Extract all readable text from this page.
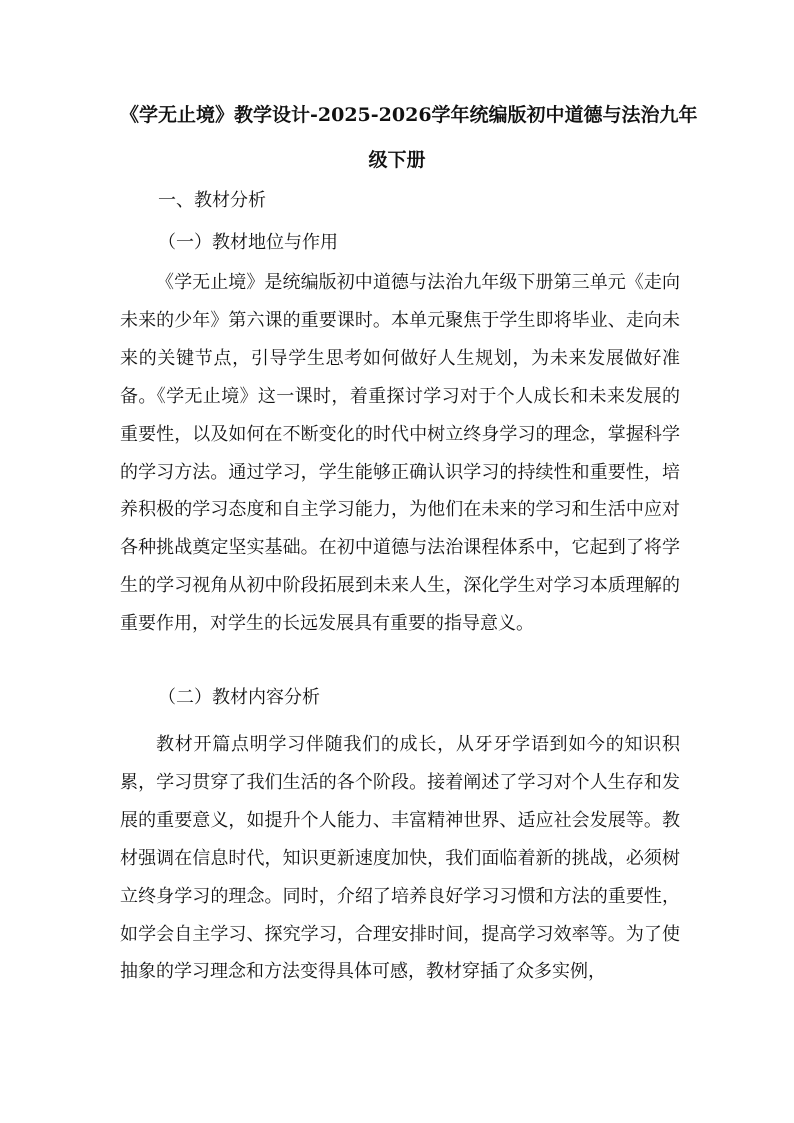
《学无止境》教学设计-2025-2026学年统编版初中道德与法治九年
级下册
一、教材分析
（一）教材地位与作用

《学无止境》是统编版初中道德与法治九年级下册第三单元《走向未来的少年》第六课的重要课时。本单元聚焦于学生即将毕业、走向未来的关键节点，引导学生思考如何做好人生规划，为未来发展做好准备。《学无止境》这一课时，着重探讨学习对于个人成长和未来发展的重要性，以及如何在不断变化的时代中树立终身学习的理念，掌握科学的学习方法。通过学习，学生能够正确认识学习的持续性和重要性，培养积极的学习态度和自主学习能力，为他们在未来的学习和生活中应对各种挑战奠定坚实基础。在初中道德与法治课程体系中，它起到了将学生的学习视角从初中阶段拓展到未来人生，深化学生对学习本质理解的重要作用，对学生的长远发展具有重要的指导意义。

（二）教材内容分析

教材开篇点明学习伴随我们的成长，从牙牙学语到如今的知识积累，学习贯穿了我们生活的各个阶段。接着阐述了学习对个人生存和发展的重要意义，如提升个人能力、丰富精神世界、适应社会发展等。教材强调在信息时代，知识更新速度加快，我们面临着新的挑战，必须树立终身学习的理念。同时，介绍了培养良好学习习惯和方法的重要性，如学会自主学习、探究学习，合理安排时间，提高学习效率等。为了使抽象的学习理念和方法变得具体可感，教材穿插了众多实例，
